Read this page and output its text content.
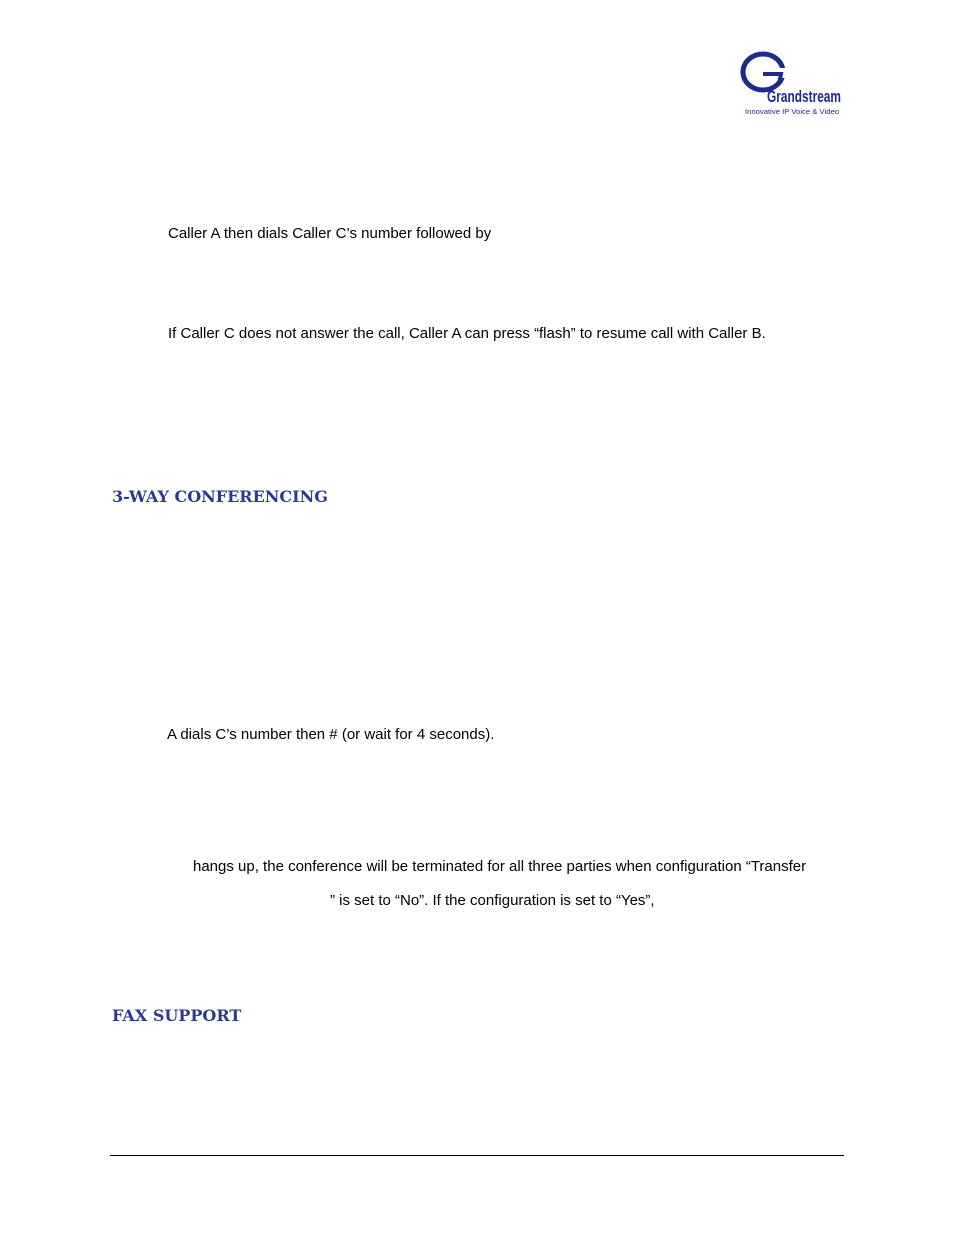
Grandstream
Innovative IP Voice & Video
Caller A then dials Caller C’s number followed by
If Caller C does not answer the call, Caller A can press “flash” to resume call with Caller B.
3-WAY CONFERENCING
A dials C’s number then # (or wait for 4 seconds).
hangs up, the conference will be terminated for all three parties when configuration “Transfer
” is set to “No”. If the configuration is set to “Yes”,
FAX SUPPORT
